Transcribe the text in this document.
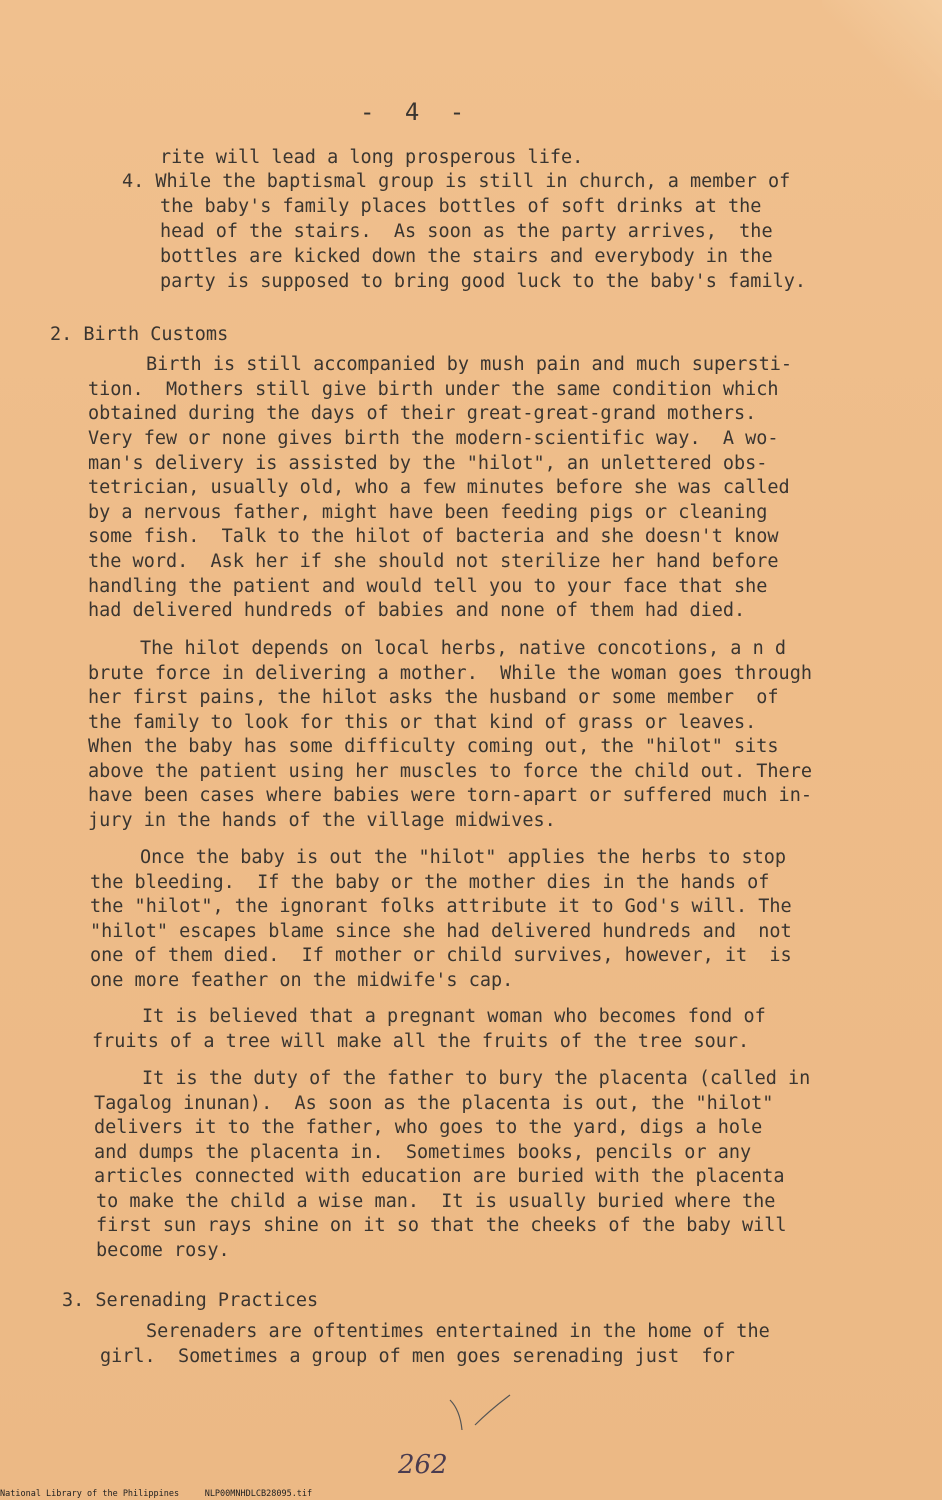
- 4 -
rite will lead a long prosperous life.
4. While the baptismal group is still in church, a member of
the baby's family places bottles of soft drinks at the
head of the stairs.  As soon as the party arrives,  the
bottles are kicked down the stairs and everybody in the
party is supposed to bring good luck to the baby's family.
2. Birth Customs
Birth is still accompanied by mush pain and much supersti-
tion.  Mothers still give birth under the same condition which
obtained during the days of their great-great-grand mothers.
Very few or none gives birth the modern-scientific way.  A wo-
man's delivery is assisted by the "hilot", an unlettered obs-
tetrician, usually old, who a few minutes before she was called
by a nervous father, might have been feeding pigs or cleaning
some fish.  Talk to the hilot of bacteria and she doesn't know
the word.  Ask her if she should not sterilize her hand before
handling the patient and would tell you to your face that she
had delivered hundreds of babies and none of them had died.
The hilot depends on local herbs, native concotions, a n d
brute force in delivering a mother.  While the woman goes through
her first pains, the hilot asks the husband or some member  of
the family to look for this or that kind of grass or leaves.
When the baby has some difficulty coming out, the "hilot" sits
above the patient using her muscles to force the child out. There
have been cases where babies were torn-apart or suffered much in-
jury in the hands of the village midwives.
Once the baby is out the "hilot" applies the herbs to stop
the bleeding.  If the baby or the mother dies in the hands of
the "hilot", the ignorant folks attribute it to God's will. The
"hilot" escapes blame since she had delivered hundreds and  not
one of them died.  If mother or child survives, however, it  is
one more feather on the midwife's cap.
It is believed that a pregnant woman who becomes fond of
fruits of a tree will make all the fruits of the tree sour.
It is the duty of the father to bury the placenta (called in
Tagalog inunan).  As soon as the placenta is out, the "hilot"
delivers it to the father, who goes to the yard, digs a hole
and dumps the placenta in.  Sometimes books, pencils or any
articles connected with education are buried with the placenta
to make the child a wise man.  It is usually buried where the
first sun rays shine on it so that the cheeks of the baby will
become rosy.
3. Serenading Practices
Serenaders are oftentimes entertained in the home of the
girl.  Sometimes a group of men goes serenading just  for
262
National Library of the Philippines     NLP00MNHDLCB28095.tif
